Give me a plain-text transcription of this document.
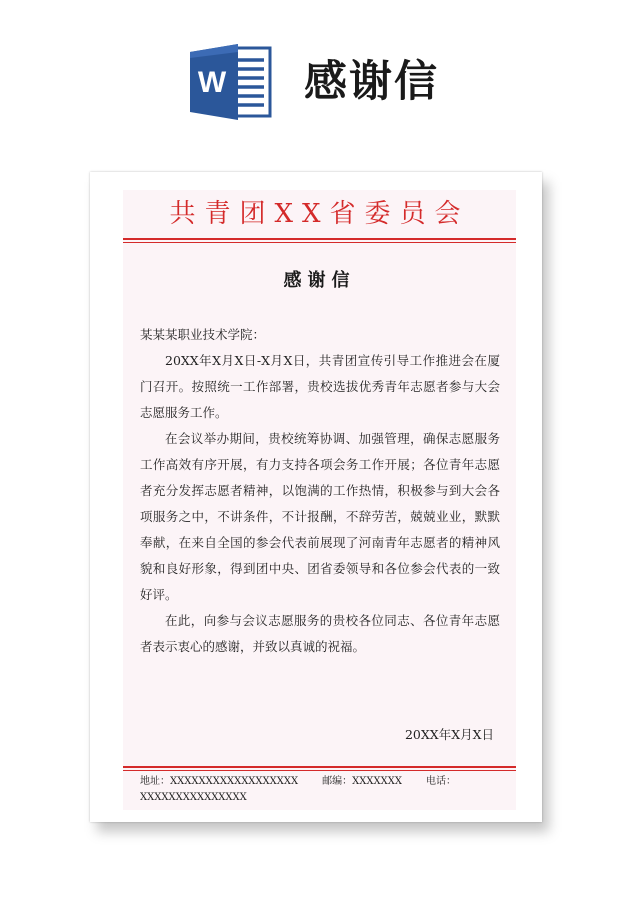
W 感谢信
共青团XX省委员会
感谢信

某某某职业技术学院：

20XX年X月X日-X月X日，共青团宣传引导工作推进会在厦门召开。按照统一工作部署，贵校选拔优秀青年志愿者参与大会志愿服务工作。

在会议举办期间，贵校统筹协调、加强管理，确保志愿服务工作高效有序开展，有力支持各项会务工作开展；各位青年志愿者充分发挥志愿者精神，以饱满的工作热情，积极参与到大会各项服务之中，不讲条件，不计报酬，不辞劳苦，兢兢业业，默默奉献，在来自全国的参会代表前展现了河南青年志愿者的精神风貌和良好形象，得到团中央、团省委领导和各位参会代表的一致好评。

在此，向参与会议志愿服务的贵校各位同志、各位青年志愿者表示衷心的感谢，并致以真诚的祝福。

20XX年X月X日
地址：XXXXXXXXXXXXXXXXXX 邮编：XXXXXXX 电话：XXXXXXXXXXXXXXX
